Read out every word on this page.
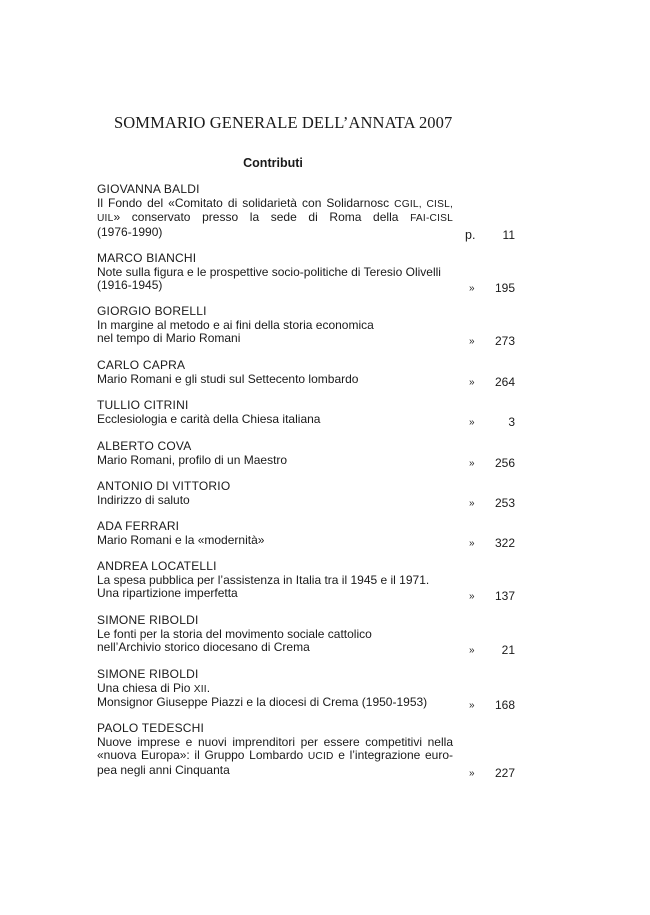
SOMMARIO GENERALE DELL’ANNATA 2007
Contributi
GIOVANNA BALDI
Il Fondo del «Comitato di solidarietà con Solidarnosc CGIL, CISL,
UIL» conservato presso la sede di Roma della FAI-CISL
(1976-1990)	p.	11
MARCO BIANCHI
Note sulla figura e le prospettive socio-politiche di Teresio Olivelli
(1916-1945)	»	195
GIORGIO BORELLI
In margine al metodo e ai fini della storia economica
nel tempo di Mario Romani	»	273
CARLO CAPRA
Mario Romani e gli studi sul Settecento lombardo	»	264
TULLIO CITRINI
Ecclesiologia e carità della Chiesa italiana	»	3
ALBERTO COVA
Mario Romani, profilo di un Maestro	»	256
ANTONIO DI VITTORIO
Indirizzo di saluto	»	253
ADA FERRARI
Mario Romani e la «modernità»	»	322
ANDREA LOCATELLI
La spesa pubblica per l’assistenza in Italia tra il 1945 e il 1971.
Una ripartizione imperfetta	»	137
SIMONE RIBOLDI
Le fonti per la storia del movimento sociale cattolico
nell’Archivio storico diocesano di Crema	»	21
SIMONE RIBOLDI
Una chiesa di Pio XII.
Monsignor Giuseppe Piazzi e la diocesi di Crema (1950-1953)	»	168
PAOLO TEDESCHI
Nuove imprese e nuovi imprenditori per essere competitivi nella
«nuova Europa»: il Gruppo Lombardo UCID e l’integrazione euro-
pea negli anni Cinquanta	»	227
